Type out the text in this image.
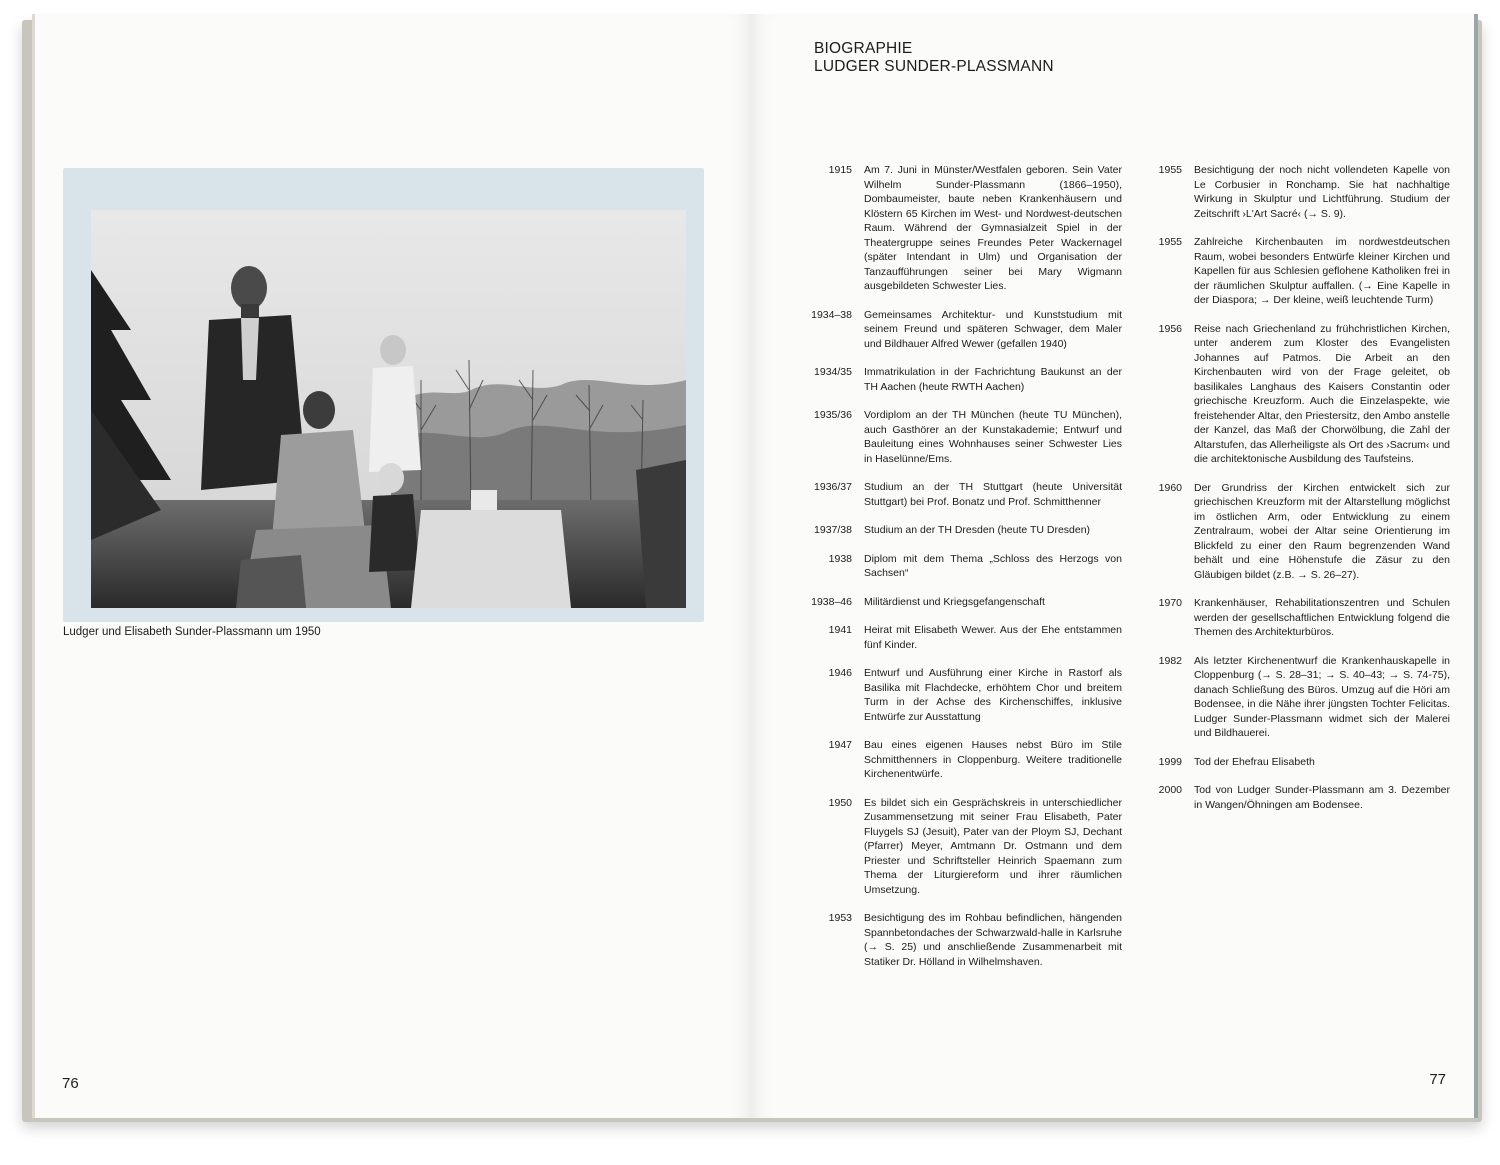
Ludger und Elisabeth Sunder-Plassmann um 1950

76

BIOGRAPHIE
LUDGER SUNDER-PLASSMANN
1915	Am 7. Juni in Münster/Westfalen geboren. Sein Vater Wilhelm Sunder-Plassmann (1866–1950), Dombaumeister, baute neben Krankenhäusern und Klöstern 65 Kirchen im West- und Nordwest-deutschen Raum. Während der Gymnasialzeit Spiel in der Theatergruppe seines Freundes Peter Wackernagel (später Intendant in Ulm) und Organisation der Tanzaufführungen seiner bei Mary Wigmann ausgebildeten Schwester Lies.
1934–38	Gemeinsames Architektur- und Kunststudium mit seinem Freund und späteren Schwager, dem Maler und Bildhauer Alfred Wewer (gefallen 1940)
1934/35	Immatrikulation in der Fachrichtung Baukunst an der TH Aachen (heute RWTH Aachen)
1935/36	Vordiplom an der TH München (heute TU München), auch Gasthörer an der Kunstakademie; Entwurf und Bauleitung eines Wohnhauses seiner Schwester Lies in Haselünne/Ems.
1936/37	Studium an der TH Stuttgart (heute Universität Stuttgart) bei Prof. Bonatz und Prof. Schmitthenner
1937/38	Studium an der TH Dresden (heute TU Dresden)
1938	Diplom mit dem Thema „Schloss des Herzogs von Sachsen“
1938–46	Militärdienst und Kriegsgefangenschaft
1941	Heirat mit Elisabeth Wewer. Aus der Ehe entstammen fünf Kinder.
1946	Entwurf und Ausführung einer Kirche in Rastorf als Basilika mit Flachdecke, erhöhtem Chor und breitem Turm in der Achse des Kirchenschiffes, inklusive Entwürfe zur Ausstattung
1947	Bau eines eigenen Hauses nebst Büro im Stile Schmitthenners in Cloppenburg. Weitere traditionelle Kirchenentwürfe.
1950	Es bildet sich ein Gesprächskreis in unterschiedlicher Zusammensetzung mit seiner Frau Elisabeth, Pater Fluygels SJ (Jesuit), Pater van der Ploym SJ, Dechant (Pfarrer) Meyer, Amtmann Dr. Ostmann und dem Priester und Schriftsteller Heinrich Spaemann zum Thema der Liturgiereform und ihrer räumlichen Umsetzung.
1953	Besichtigung des im Rohbau befindlichen, hängenden Spannbetondaches der Schwarzwald-halle in Karlsruhe (→ S. 25) und anschließende Zusammenarbeit mit Statiker Dr. Hölland in Wilhelmshaven.
1955	Besichtigung der noch nicht vollendeten Kapelle von Le Corbusier in Ronchamp. Sie hat nachhaltige Wirkung in Skulptur und Lichtführung. Studium der Zeitschrift ›L'Art Sacré‹ (→ S. 9).
1955	Zahlreiche Kirchenbauten im nordwestdeutschen Raum, wobei besonders Entwürfe kleiner Kirchen und Kapellen für aus Schlesien geflohene Katholiken frei in der räumlichen Skulptur auffallen. (→ Eine Kapelle in der Diaspora; → Der kleine, weiß leuchtende Turm)
1956	Reise nach Griechenland zu frühchristlichen Kirchen, unter anderem zum Kloster des Evangelisten Johannes auf Patmos. Die Arbeit an den Kirchenbauten wird von der Frage geleitet, ob basilikales Langhaus des Kaisers Constantin oder griechische Kreuzform. Auch die Einzelaspekte, wie freistehender Altar, den Priestersitz, den Ambo anstelle der Kanzel, das Maß der Chorwölbung, die Zahl der Altarstufen, das Allerheiligste als Ort des ›Sacrum‹ und die architektonische Ausbildung des Taufsteins.
1960	Der Grundriss der Kirchen entwickelt sich zur griechischen Kreuzform mit der Altarstellung möglichst im östlichen Arm, oder Entwicklung zu einem Zentralraum, wobei der Altar seine Orientierung im Blickfeld zu einer den Raum begrenzenden Wand behält und eine Höhenstufe die Zäsur zu den Gläubigen bildet (z.B. → S. 26–27).
1970	Krankenhäuser, Rehabilitationszentren und Schulen werden der gesellschaftlichen Entwicklung folgend die Themen des Architekturbüros.
1982	Als letzter Kirchenentwurf die Krankenhauskapelle in Cloppenburg (→ S. 28–31; → S. 40–43; → S. 74-75), danach Schließung des Büros. Umzug auf die Höri am Bodensee, in die Nähe ihrer jüngsten Tochter Felicitas. Ludger Sunder-Plassmann widmet sich der Malerei und Bildhauerei.
1999	Tod der Ehefrau Elisabeth
2000	Tod von Ludger Sunder-Plassmann am 3. Dezember in Wangen/Öhningen am Bodensee.

77
